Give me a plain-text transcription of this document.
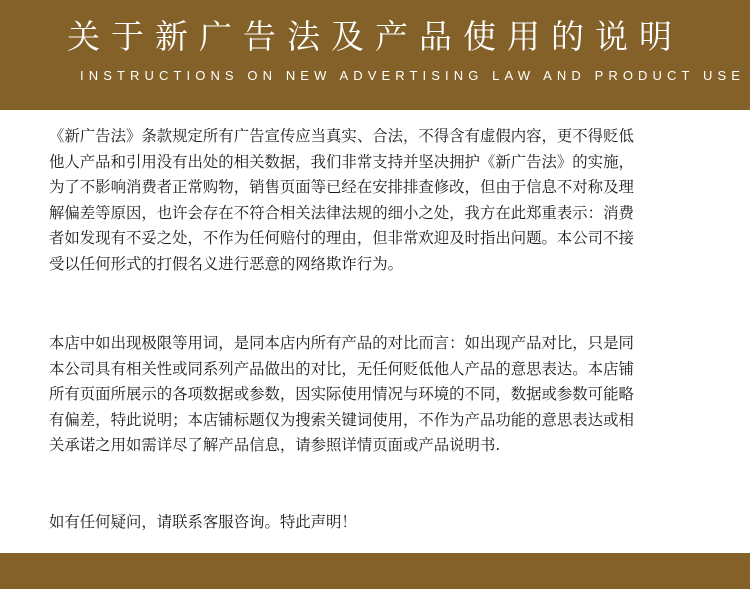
关于新广告法及产品使用的说明
INSTRUCTIONS ON NEW ADVERTISING LAW AND PRODUCT USE
《新广告法》条款规定所有广告宣传应当真实、合法，不得含有虚假内容，更不得贬低
他人产品和引用没有出处的相关数据，我们非常支持并坚决拥护《新广告法》的实施，
为了不影响消费者正常购物，销售页面等已经在安排排查修改，但由于信息不对称及理
解偏差等原因，也许会存在不符合相关法律法规的细小之处，我方在此郑重表示：消费
者如发现有不妥之处，不作为任何赔付的理由，但非常欢迎及时指出问题。本公司不接
受以任何形式的打假名义进行恶意的网络欺诈行为。
本店中如出现极限等用词，是同本店内所有产品的对比而言：如出现产品对比，只是同
本公司具有相关性或同系列产品做出的对比，无任何贬低他人产品的意思表达。本店铺
所有页面所展示的各项数据或参数，因实际使用情况与环境的不同，数据或参数可能略
有偏差，特此说明；本店铺标题仅为搜索关键词使用，不作为产品功能的意思表达或相
关承诺之用如需详尽了解产品信息，请参照详情页面或产品说明书.
如有任何疑问，请联系客服咨询。特此声明！
